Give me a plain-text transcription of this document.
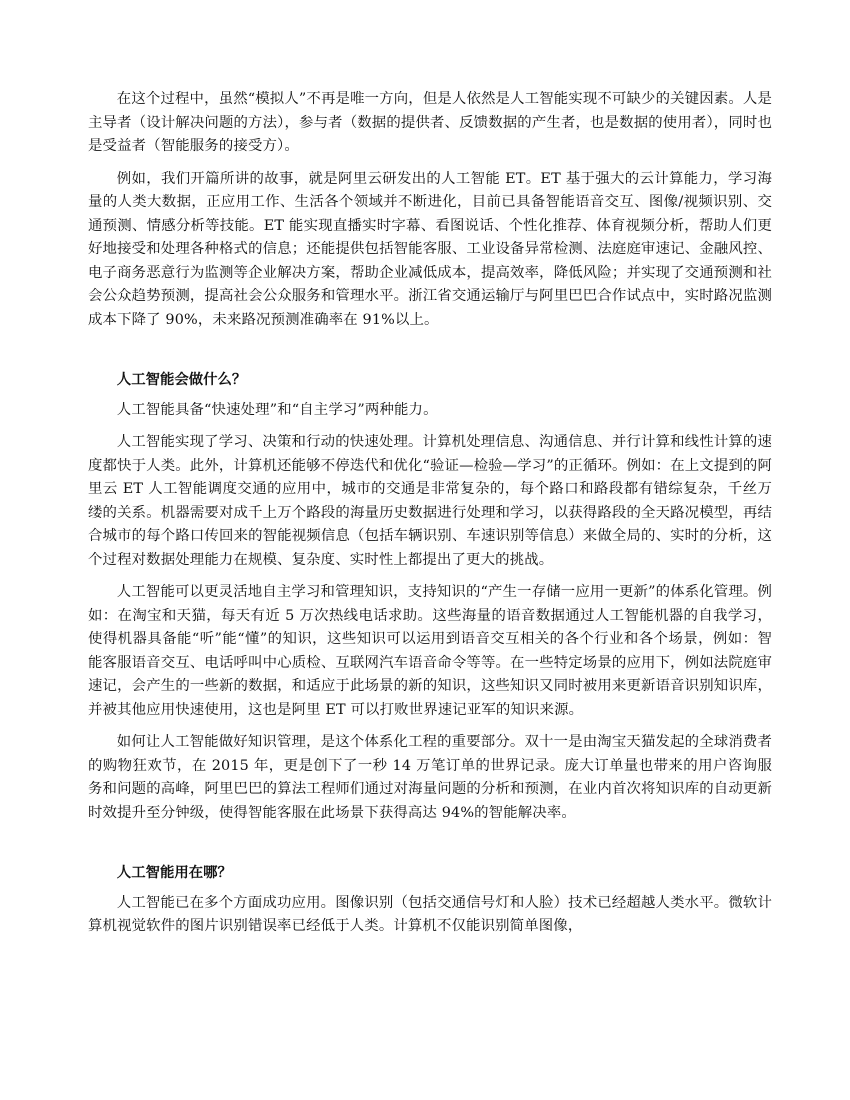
在这个过程中，虽然“模拟人”不再是唯一方向，但是人依然是人工智能实现不可缺少的关键因素。人是主导者（设计解决问题的方法），参与者（数据的提供者、反馈数据的产生者，也是数据的使用者），同时也是受益者（智能服务的接受方）。

例如，我们开篇所讲的故事，就是阿里云研发出的人工智能 ET。ET 基于强大的云计算能力，学习海量的人类大数据，正应用工作、生活各个领域并不断进化，目前已具备智能语音交互、图像/视频识别、交通预测、情感分析等技能。ET 能实现直播实时字幕、看图说话、个性化推荐、体育视频分析，帮助人们更好地接受和处理各种格式的信息；还能提供包括智能客服、工业设备异常检测、法庭庭审速记、金融风控、电子商务恶意行为监测等企业解决方案，帮助企业减低成本，提高效率，降低风险；并实现了交通预测和社会公众趋势预测，提高社会公众服务和管理水平。浙江省交通运输厅与阿里巴巴合作试点中，实时路况监测成本下降了 90%，未来路况预测准确率在 91%以上。

人工智能会做什么？

人工智能具备“快速处理”和“自主学习”两种能力。

人工智能实现了学习、决策和行动的快速处理。计算机处理信息、沟通信息、并行计算和线性计算的速度都快于人类。此外，计算机还能够不停迭代和优化“验证—检验—学习”的正循环。例如：在上文提到的阿里云 ET 人工智能调度交通的应用中，城市的交通是非常复杂的，每个路口和路段都有错综复杂，千丝万缕的关系。机器需要对成千上万个路段的海量历史数据进行处理和学习，以获得路段的全天路况模型，再结合城市的每个路口传回来的智能视频信息（包括车辆识别、车速识别等信息）来做全局的、实时的分析，这个过程对数据处理能力在规模、复杂度、实时性上都提出了更大的挑战。

人工智能可以更灵活地自主学习和管理知识，支持知识的“产生一存储一应用一更新”的体系化管理。例如：在淘宝和天猫，每天有近 5 万次热线电话求助。这些海量的语音数据通过人工智能机器的自我学习，使得机器具备能“听”能“懂”的知识，这些知识可以运用到语音交互相关的各个行业和各个场景，例如：智能客服语音交互、电话呼叫中心质检、互联网汽车语音命令等等。在一些特定场景的应用下，例如法院庭审速记，会产生的一些新的数据，和适应于此场景的新的知识，这些知识又同时被用来更新语音识别知识库，并被其他应用快速使用，这也是阿里 ET 可以打败世界速记亚军的知识来源。

如何让人工智能做好知识管理，是这个体系化工程的重要部分。双十一是由淘宝天猫发起的全球消费者的购物狂欢节，在 2015 年，更是创下了一秒 14 万笔订单的世界记录。庞大订单量也带来的用户咨询服务和问题的高峰，阿里巴巴的算法工程师们通过对海量问题的分析和预测，在业内首次将知识库的自动更新时效提升至分钟级，使得智能客服在此场景下获得高达 94%的智能解决率。

人工智能用在哪？

人工智能已在多个方面成功应用。图像识别（包括交通信号灯和人脸）技术已经超越人类水平。微软计算机视觉软件的图片识别错误率已经低于人类。计算机不仅能识别简单图像，
